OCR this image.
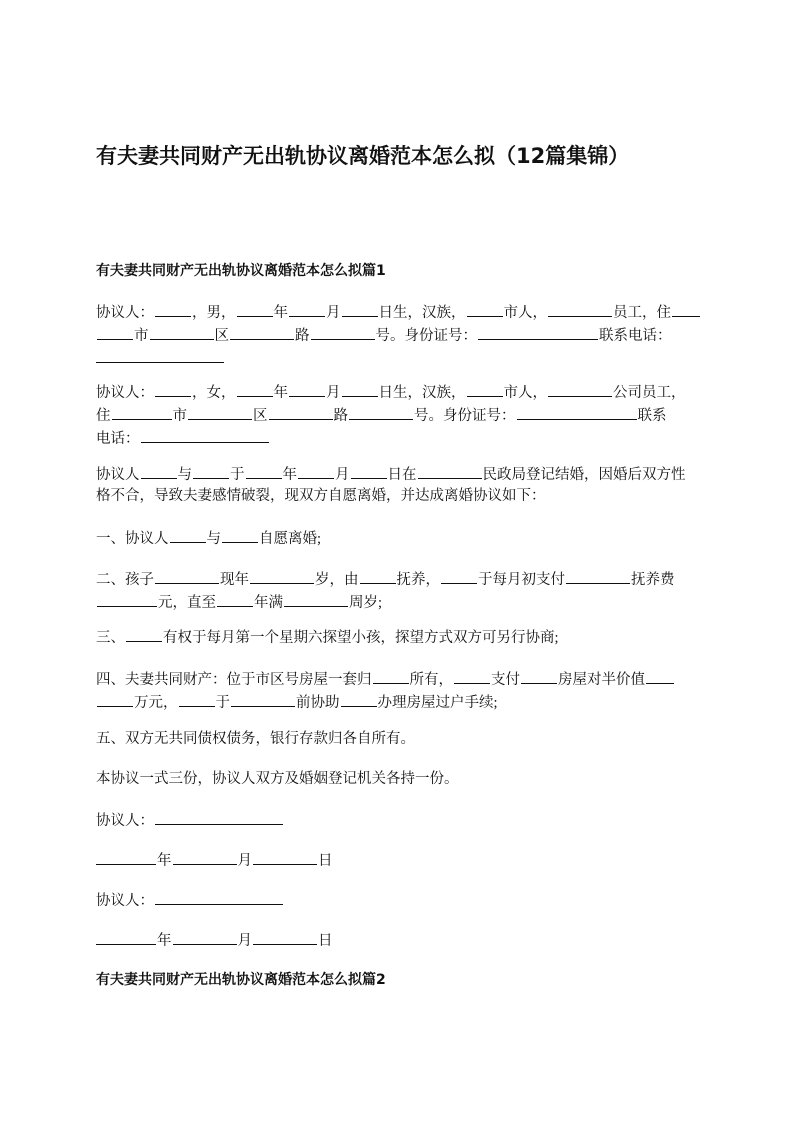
有夫妻共同财产无出轨协议离婚范本怎么拟（12篇集锦）
有夫妻共同财产无出轨协议离婚范本怎么拟篇1
协议人：	，男，	年	月	日生，汉族，	市人，	员工，住
市	区	路	号。身份证号：	联系电话：
协议人：	，女，	年	月	日生，汉族，	市人，	公司员工，
住	市	区	路	号。身份证号：	联系
电话：
协议人	与	于	年	月	日在	民政局登记结婚，因婚后双方性
格不合，导致夫妻感情破裂，现双方自愿离婚，并达成离婚协议如下：
一、协议人	与	自愿离婚;
二、孩子	现年	岁，由	抚养，	于每月初支付	抚养费
元，直至	年满	周岁;
三、	有权于每月第一个星期六探望小孩，探望方式双方可另行协商;
四、夫妻共同财产：位于市区号房屋一套归	所有，	支付	房屋对半价值
万元，	于	前协助	办理房屋过户手续;
五、双方无共同债权债务，银行存款归各自所有。
本协议一式三份，协议人双方及婚姻登记机关各持一份。
协议人：
年	月	日
协议人：
年	月	日
有夫妻共同财产无出轨协议离婚范本怎么拟篇2
